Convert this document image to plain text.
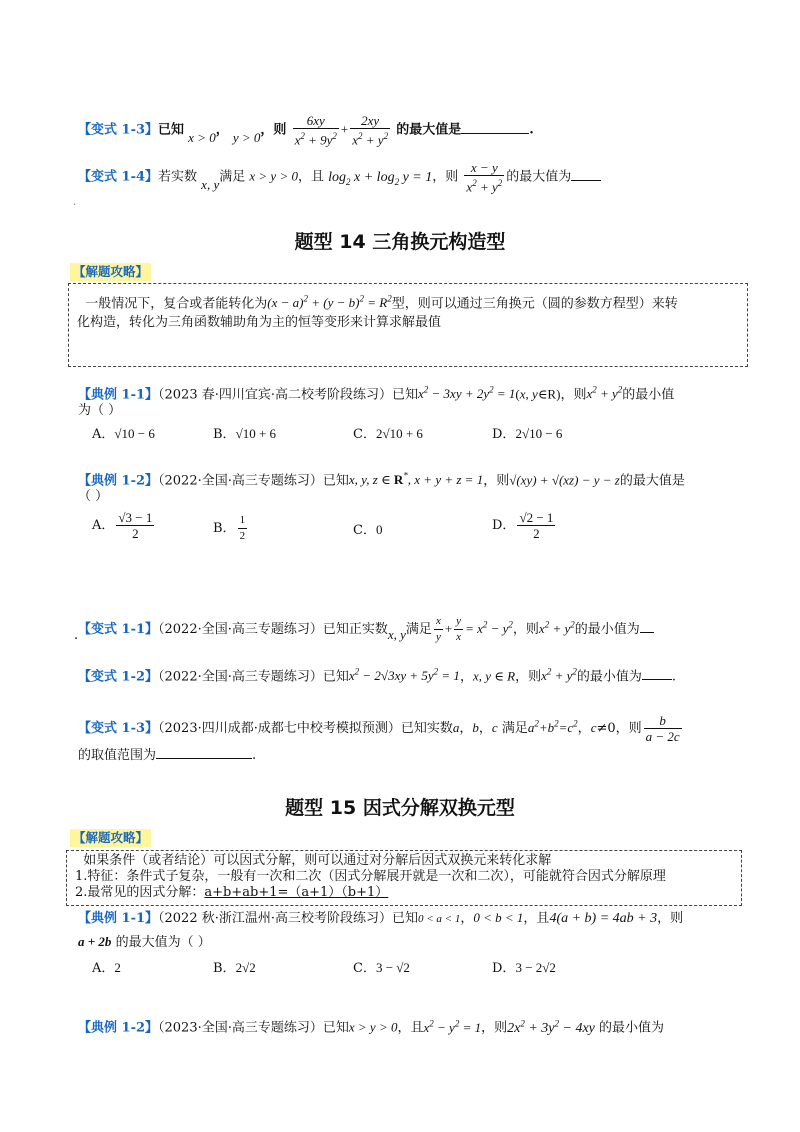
【变式 1-3】已知 x > 0， y > 0，则 $\frac{6xy}{x^2 + 9y^2} + \frac{2xy}{x^2 + y^2}$ 的最大值是	.
【变式 1-4】若实数 x, y满足 x > y > 0，且 $\log_2 x + \log_2 y = 1$，则 $\frac{x - y}{x^2 + y^2}$ 的最大值为
.
题型 14 三角换元构造型
【解题攻略】

一般情况下，复合或者能转化为$(x - a)^2 + (y - b)^2 = R^2$型，则可以通过三角换元（圆的参数方程型）来转

化构造，转化为三角函数辅助角为主的恒等变形来计算求解最值

【典例 1-1】（2023 春·四川宜宾·高二校考阶段练习）已知$x^2 - 3xy + 2y^2 = 1(x$, y∈R)，则$x^2 + y^2$的最小值
为（ ）
A．√10 − 6	B．√10 + 6	C．2√10 + 6	D．2√10 − 6
【典例 1-2】（2022·全国·高三专题练习）已知x, y, z ∈ R*, x + y + z = 1，则√(xy) + √(xz) − y − z的最大值是
（ ）
A． $\frac{√3 - 1}{2}$	B． $\frac{1}{2}$	C．0	D． $\frac{√2 - 1}{2}$
【变式 1-1】（2022·全国·高三专题练习）已知正实数x, y满足 $\frac{x}{y} + \frac{y}{x} = x^2 - y^2$，则$x^2 + y^2$的最小值为
.
【变式 1-2】（2022·全国·高三专题练习）已知$x^2 - 2√3xy + 5y^2 = 1$，x, y ∈ R，则$x^2 + y^2$的最小值为 .
【变式 1-3】（2023·四川成都·成都七中校考模拟预测）已知实数a，b，c 满足$a^2+b^2=c^2$，c≠0，则 $\frac{b}{a - 2c}$
的取值范围为	.
题型 15 因式分解双换元型
【解题攻略】

如果条件（或者结论）可以因式分解，则可以通过对分解后因式双换元来转化求解

1.特征：条件式子复杂，一般有一次和二次（因式分解展开就是一次和二次），可能就符合因式分解原理

2.最常见的因式分解：a+b+ab+1=（a+1）（b+1）

【典例 1-1】（2022 秋·浙江温州·高三校考阶段练习）已知0 < a < 1，0 < b < 1，且4(a + b) = 4ab + 3，则
a + 2b 的最大值为（ ）
A．2	B．2√2	C．3 − √2	D．3 − 2√2
【典例 1-2】（2023·全国·高三专题练习）已知x > y > 0，且$x^2 - y^2 = 1$，则$2x^2 + 3y^2 - 4xy$ 的最小值为
